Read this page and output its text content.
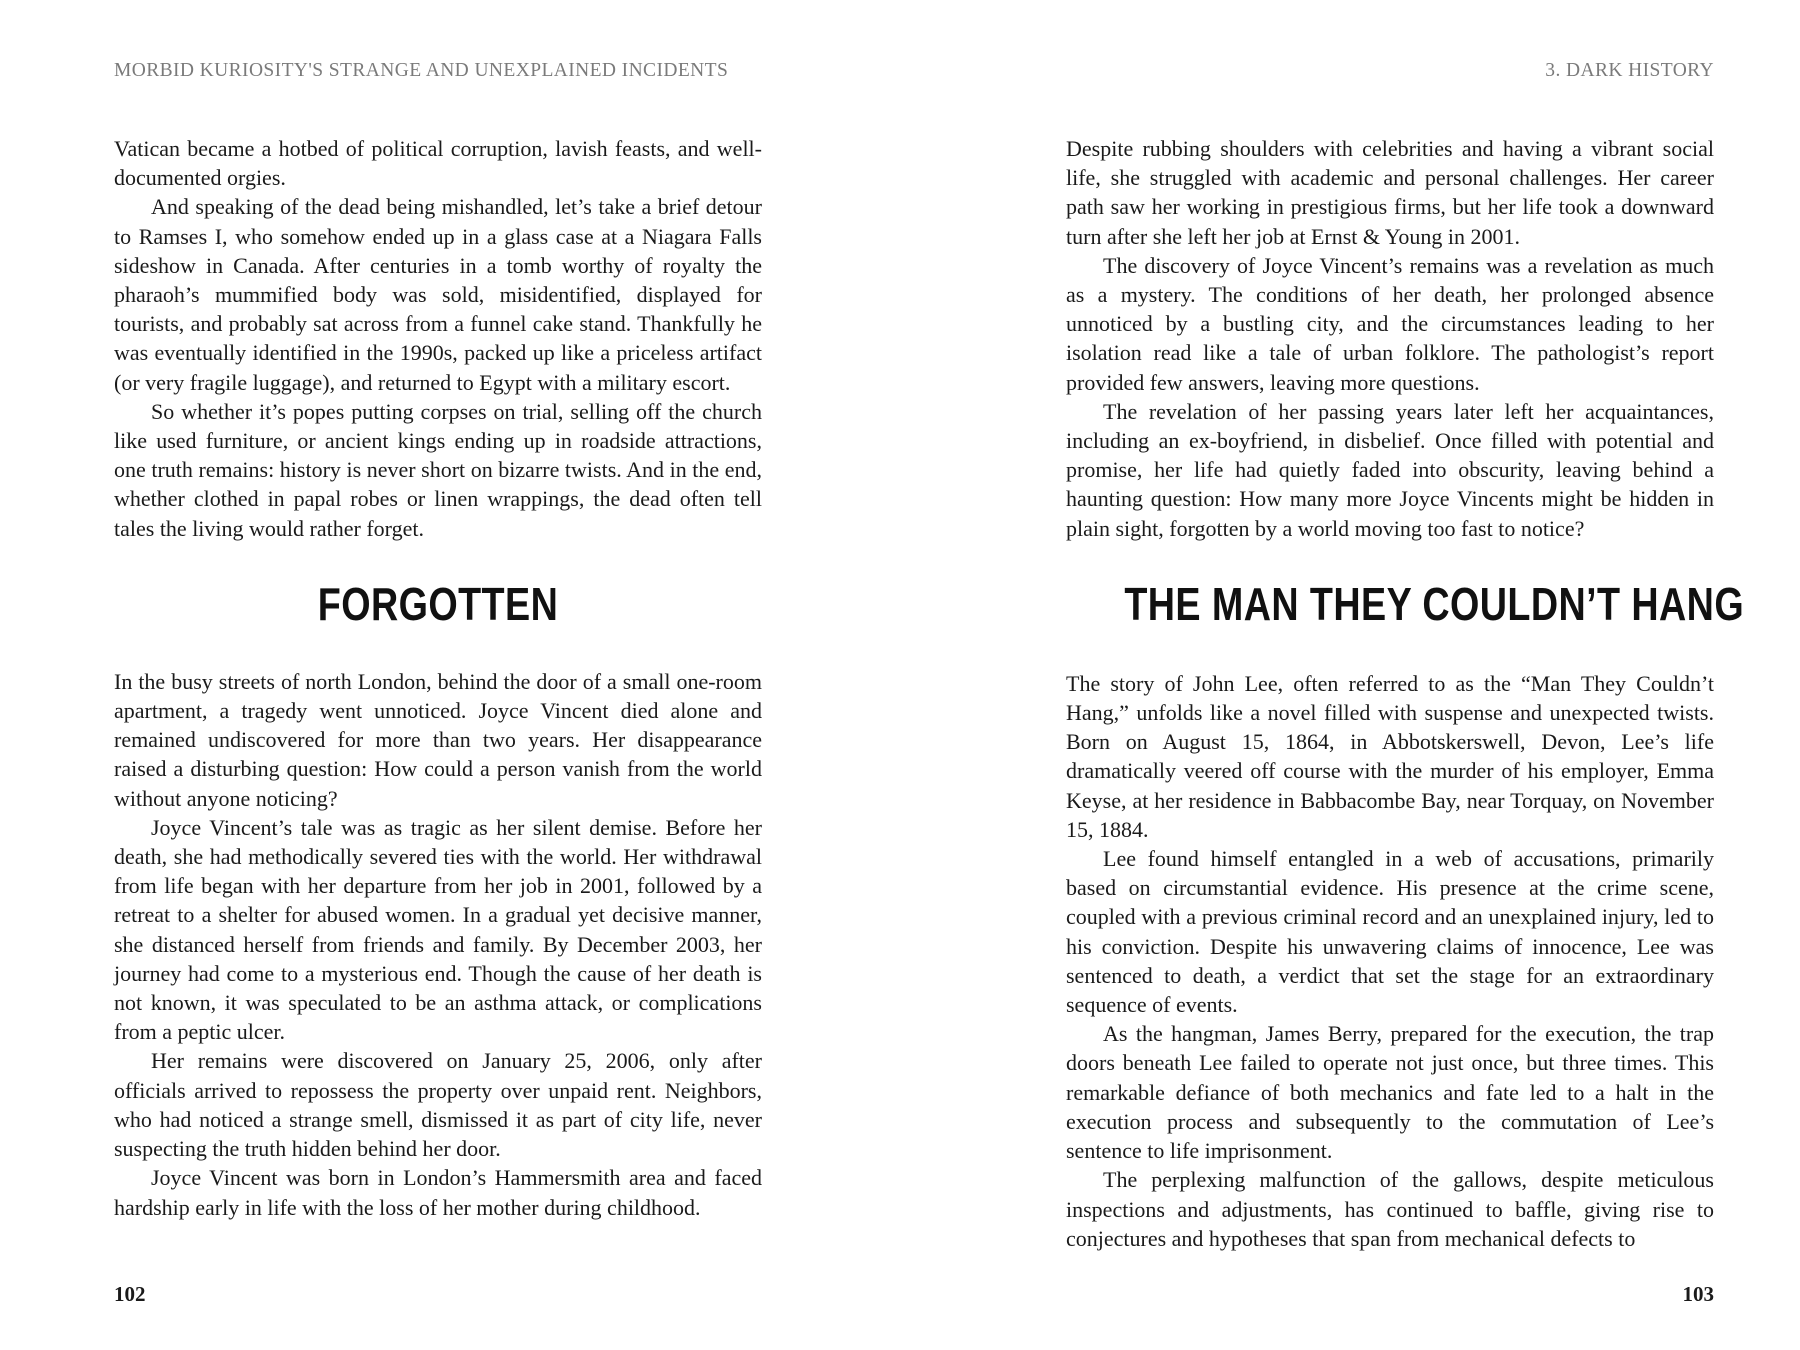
MORBID KURIOSITY'S STRANGE AND UNEXPLAINED INCIDENTS

Vatican became a hotbed of political corruption, lavish feasts, and well-documented orgies.

And speaking of the dead being mishandled, let’s take a brief detour to Ramses I, who somehow ended up in a glass case at a Niagara Falls sideshow in Canada. After centuries in a tomb worthy of royalty the pharaoh’s mummified body was sold, misidentified, displayed for tourists, and probably sat across from a funnel cake stand. Thankfully he was eventually identified in the 1990s, packed up like a priceless artifact (or very fragile luggage), and returned to Egypt with a military escort.

So whether it’s popes putting corpses on trial, selling off the church like used furniture, or ancient kings ending up in roadside attractions, one truth remains: history is never short on bizarre twists. And in the end, whether clothed in papal robes or linen wrappings, the dead often tell tales the living would rather forget.

FORGOTTEN

In the busy streets of north London, behind the door of a small one-room apartment, a tragedy went unnoticed. Joyce Vincent died alone and remained undiscovered for more than two years. Her disappearance raised a disturbing question: How could a person vanish from the world without anyone noticing?

Joyce Vincent’s tale was as tragic as her silent demise. Before her death, she had methodically severed ties with the world. Her withdrawal from life began with her departure from her job in 2001, followed by a retreat to a shelter for abused women. In a gradual yet decisive manner, she distanced herself from friends and family. By December 2003, her journey had come to a mysterious end. Though the cause of her death is not known, it was speculated to be an asthma attack, or complications from a peptic ulcer.

Her remains were discovered on January 25, 2006, only after officials arrived to repossess the property over unpaid rent. Neighbors, who had noticed a strange smell, dismissed it as part of city life, never suspecting the truth hidden behind her door.

Joyce Vincent was born in London’s Hammersmith area and faced hardship early in life with the loss of her mother during childhood.

102
3. DARK HISTORY

Despite rubbing shoulders with celebrities and having a vibrant social life, she struggled with academic and personal challenges. Her career path saw her working in prestigious firms, but her life took a downward turn after she left her job at Ernst & Young in 2001.

The discovery of Joyce Vincent’s remains was a revelation as much as a mystery. The conditions of her death, her prolonged absence unnoticed by a bustling city, and the circumstances leading to her isolation read like a tale of urban folklore. The pathologist’s report provided few answers, leaving more questions.

The revelation of her passing years later left her acquaintances, including an ex-boyfriend, in disbelief. Once filled with potential and promise, her life had quietly faded into obscurity, leaving behind a haunting question: How many more Joyce Vincents might be hidden in plain sight, forgotten by a world moving too fast to notice?

THE MAN THEY COULDN’T HANG

The story of John Lee, often referred to as the “Man They Couldn’t Hang,” unfolds like a novel filled with suspense and unexpected twists. Born on August 15, 1864, in Abbotskerswell, Devon, Lee’s life dramatically veered off course with the murder of his employer, Emma Keyse, at her residence in Babbacombe Bay, near Torquay, on November 15, 1884.

Lee found himself entangled in a web of accusations, primarily based on circumstantial evidence. His presence at the crime scene, coupled with a previous criminal record and an unexplained injury, led to his conviction. Despite his unwavering claims of innocence, Lee was sentenced to death, a verdict that set the stage for an extraordinary sequence of events.

As the hangman, James Berry, prepared for the execution, the trap doors beneath Lee failed to operate not just once, but three times. This remarkable defiance of both mechanics and fate led to a halt in the execution process and subsequently to the commutation of Lee’s sentence to life imprisonment.

The perplexing malfunction of the gallows, despite meticulous inspections and adjustments, has continued to baffle, giving rise to conjectures and hypotheses that span from mechanical defects to

103
